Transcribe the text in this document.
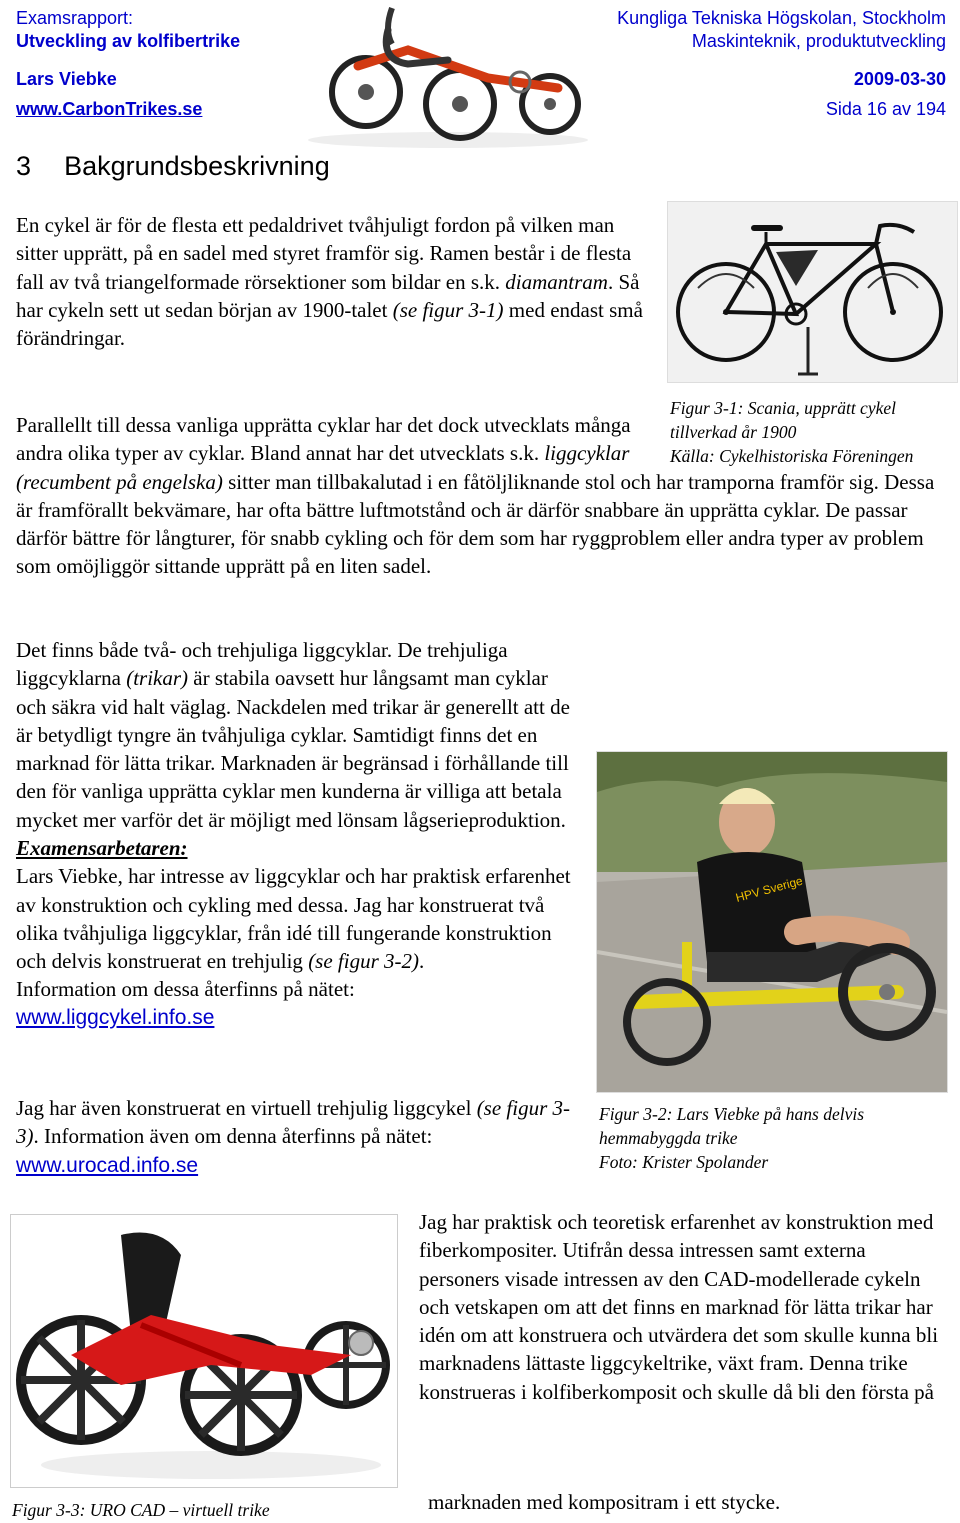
Examsrapport:
Utveckling av kolfibertrike
Lars Viebke
www.CarbonTrikes.se
Kungliga Tekniska Högskolan, Stockholm
Maskinteknik, produktutveckling
2009-03-30
Sida 16 av 194
3 Bakgrundsbeskrivning

En cykel är för de flesta ett pedaldrivet tvåhjuligt fordon på vilken man sitter upprätt, på en sadel med styret framför sig. Ramen består i de flesta fall av två triangelformade rörsektioner som bildar en s.k. diamantram. Så har cykeln sett ut sedan början av 1900-talet (se figur 3-1) med endast små förändringar.

Figur 3-1: Scania, upprätt cykel
tillverkad år 1900
Källa: Cykelhistoriska Föreningen
Parallellt till dessa vanliga upprätta cyklar har det dock utvecklats många andra olika typer av cyklar. Bland annat har det utvecklats s.k. liggcyklar (recumbent på engelska) sitter man tillbakalutad i en fåtöljliknande stol och har tramporna framför sig. Dessa är framförallt bekvämare, har ofta bättre luftmotstånd och är därför snabbare än upprätta cyklar. De passar därför bättre för långturer, för snabb cykling och för dem som har ryggproblem eller andra typer av problem som omöjliggör sittande upprätt på en liten sadel.
Det finns både två- och trehjuliga liggcyklar. De trehjuliga liggcyklarna (trikar) är stabila oavsett hur långsamt man cyklar och säkra vid halt väglag. Nackdelen med trikar är generellt att de är betydligt tyngre än tvåhjuliga cyklar. Samtidigt finns det en marknad för lätta trikar. Marknaden är begränsad i förhållande till den för vanliga upprätta cyklar men kunderna är villiga att betala mycket mer varför det är möjligt med lönsam lågserieproduktion.
HPV Sverige
Figur 3-2: Lars Viebke på hans delvis
hemmabyggda trike
Foto: Krister Spolander
Examensarbetaren:
Lars Viebke, har intresse av liggcyklar och har praktisk erfarenhet av konstruktion och cykling med dessa. Jag har konstruerat två olika tvåhjuliga liggcyklar, från idé till fungerande konstruktion och delvis konstruerat en trehjulig (se figur 3-2).
Information om dessa återfinns på nätet:
www.liggcykel.info.se
Jag har även konstruerat en virtuell trehjulig liggcykel (se figur 3-3). Information även om denna återfinns på nätet: www.urocad.info.se
Figur 3-3: URO CAD – virtuell trike
Jag har praktisk och teoretisk erfarenhet av konstruktion med fiberkompositer. Utifrån dessa intressen samt externa personers visade intressen av den CAD-modellerade cykeln och vetskapen om att det finns en marknad för lätta trikar har idén om att konstruera och utvärdera det som skulle kunna bli marknadens lättaste liggcykeltrike, växt fram. Denna trike konstrueras i kolfiberkomposit och skulle då bli den första på
marknaden med kompositram i ett stycke.
